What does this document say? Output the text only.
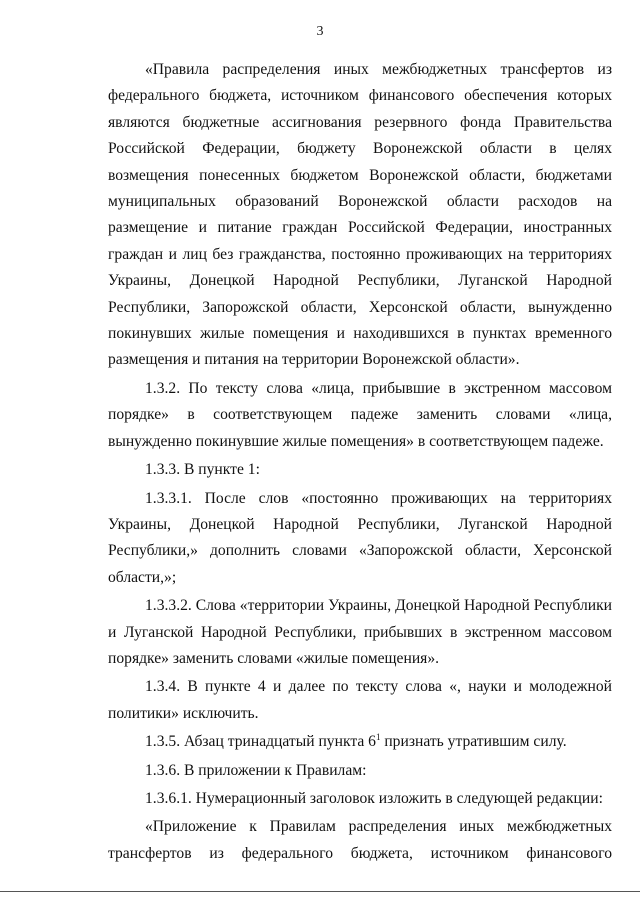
3

«Правила распределения иных межбюджетных трансфертов из федерального бюджета, источником финансового обеспечения которых являются бюджетные ассигнования резервного фонда Правительства Российской Федерации, бюджету Воронежской области в целях возмещения понесенных бюджетом Воронежской области, бюджетами муниципальных образований Воронежской области расходов на размещение и питание граждан Российской Федерации, иностранных граждан и лиц без гражданства, постоянно проживающих на территориях Украины, Донецкой Народной Республики, Луганской Народной Республики, Запорожской области, Херсонской области, вынужденно покинувших жилые помещения и находившихся в пунктах временного размещения и питания на территории Воронежской области».

1.3.2. По тексту слова «лица, прибывшие в экстренном массовом порядке» в соответствующем падеже заменить словами «лица, вынужденно покинувшие жилые помещения» в соответствующем падеже.

1.3.3. В пункте 1:

1.3.3.1. После слов «постоянно проживающих на территориях Украины, Донецкой Народной Республики, Луганской Народной Республики,» дополнить словами «Запорожской области, Херсонской области,»;

1.3.3.2. Слова «территории Украины, Донецкой Народной Республики и Луганской Народной Республики, прибывших в экстренном массовом порядке» заменить словами «жилые помещения».

1.3.4. В пункте 4 и далее по тексту слова «, науки и молодежной политики» исключить.

1.3.5. Абзац тринадцатый пункта $6^1$ признать утратившим силу.

1.3.6. В приложении к Правилам:

1.3.6.1. Нумерационный заголовок изложить в следующей редакции:

«Приложение к Правилам распределения иных межбюджетных трансфертов из федерального бюджета, источником финансового
